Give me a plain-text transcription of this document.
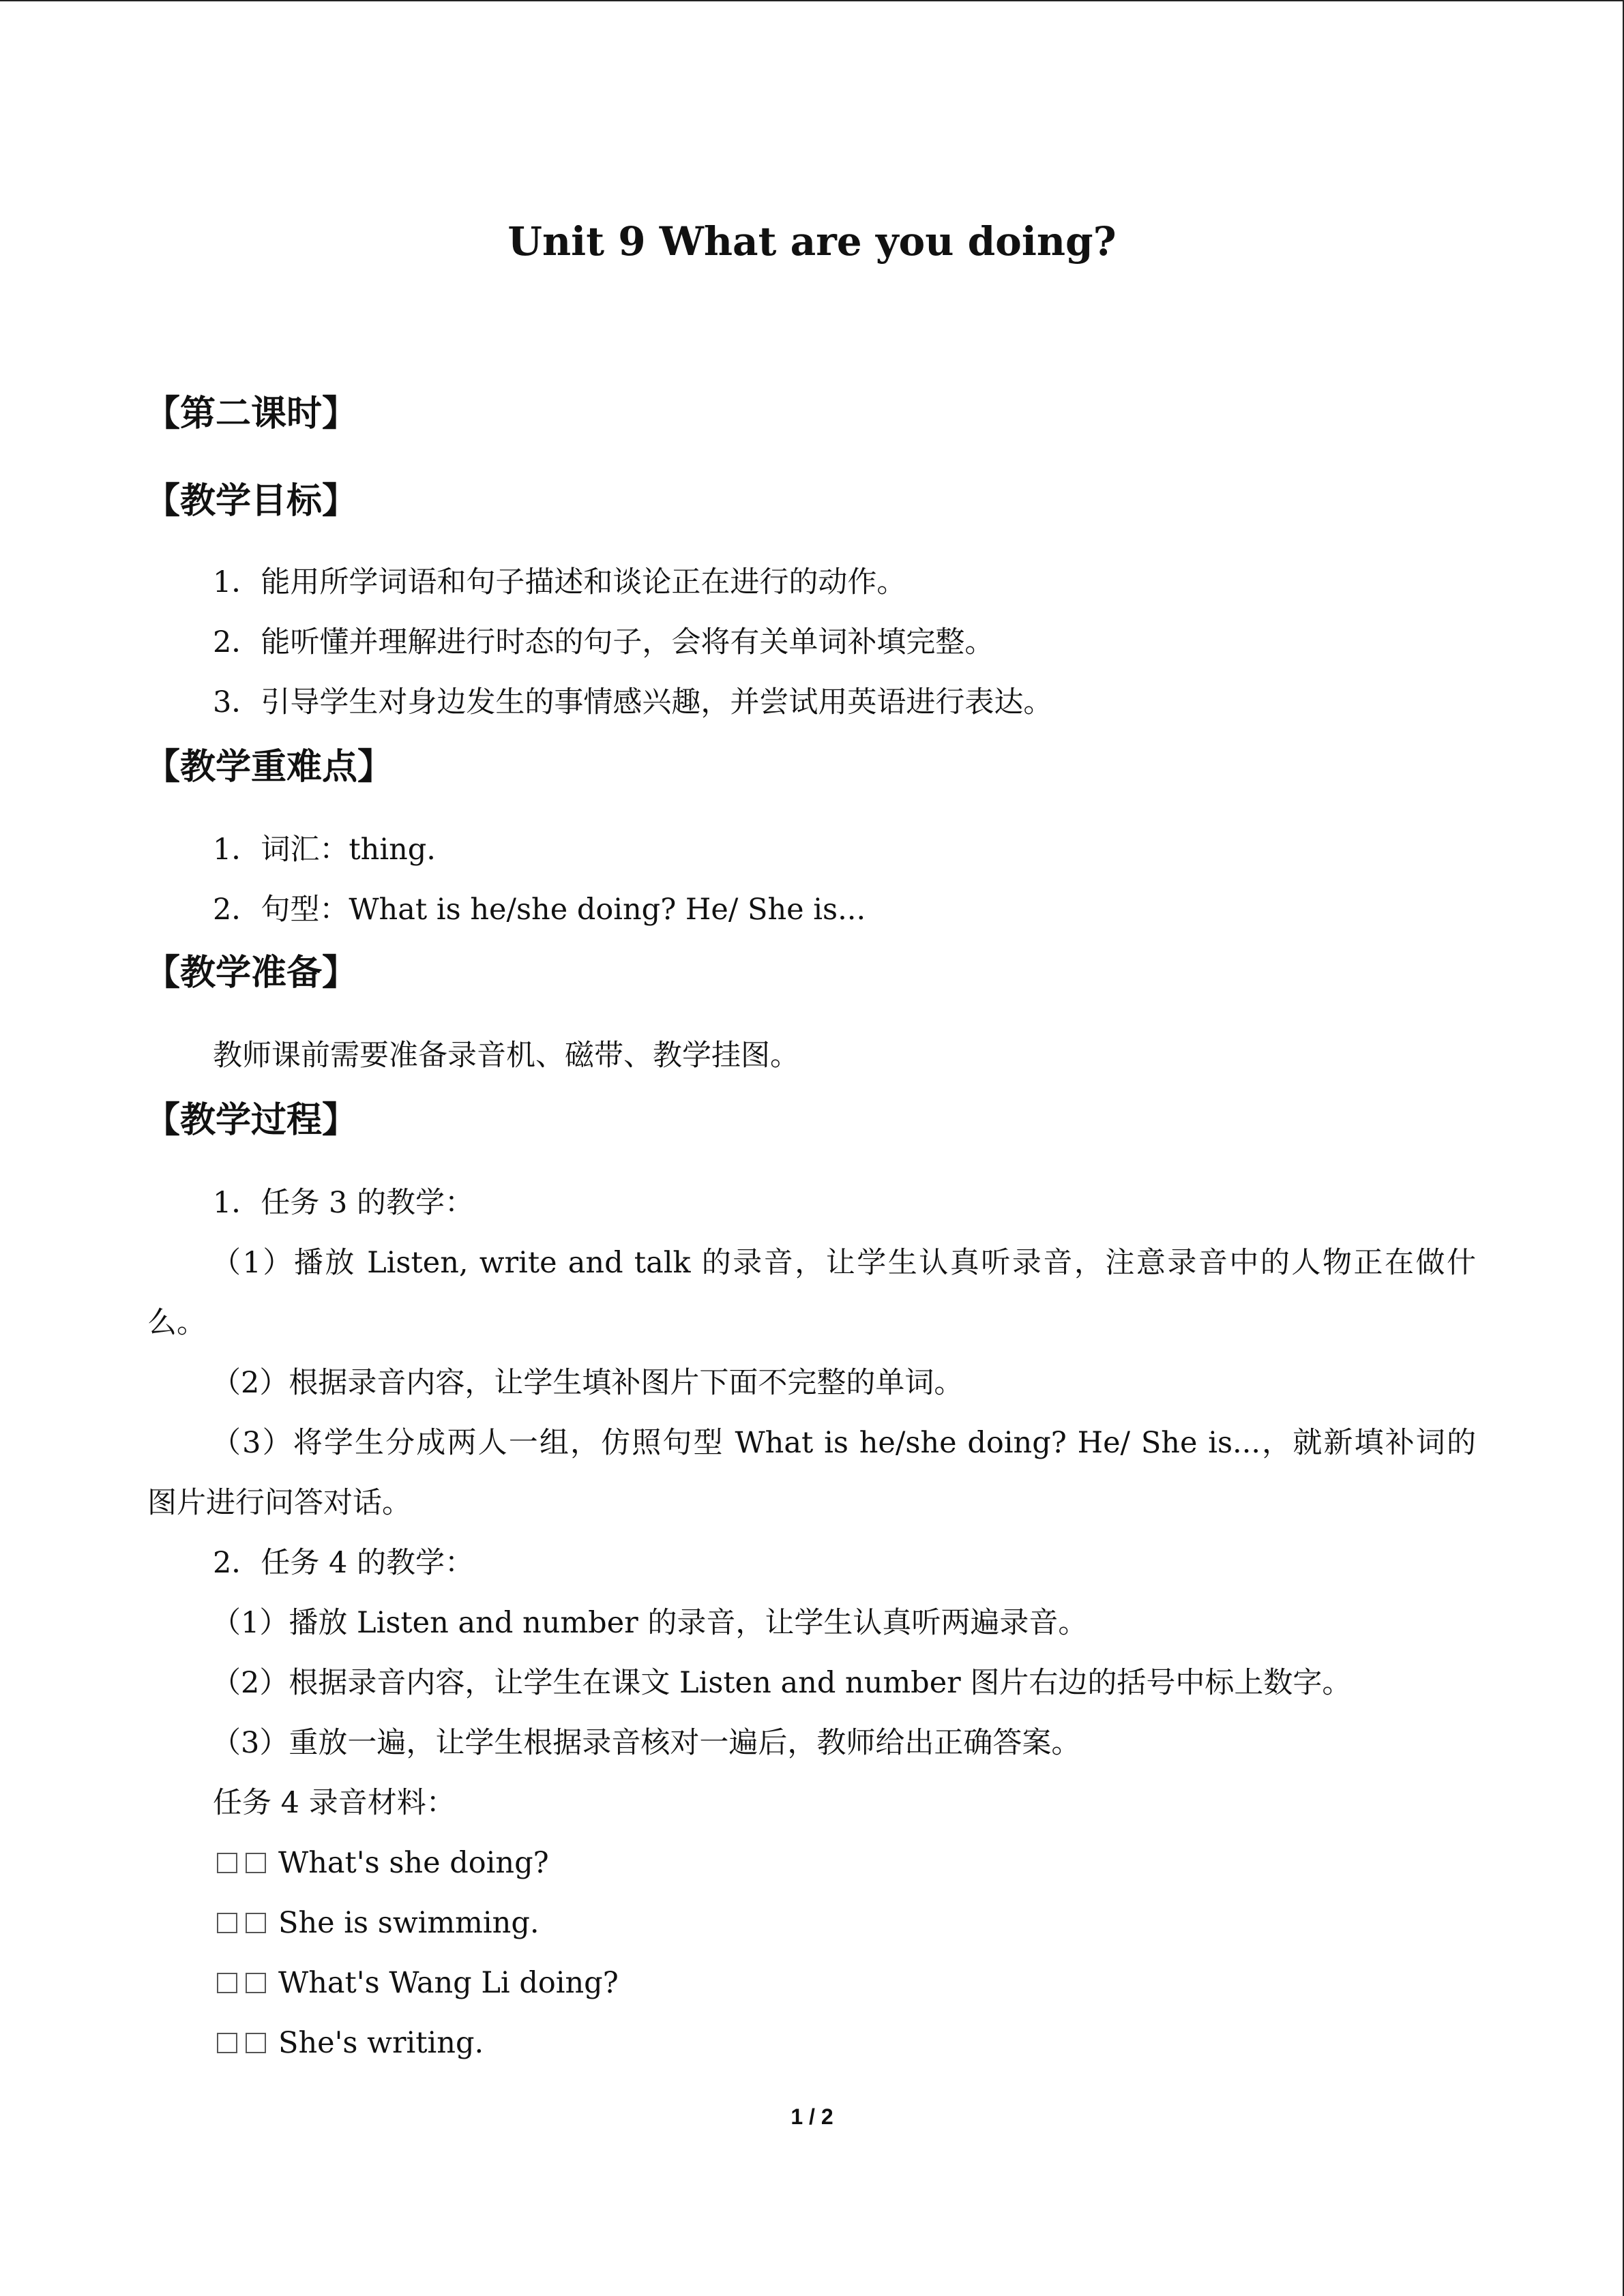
Unit 9 What are you doing?
【第二课时】
【教学目标】
1．能用所学词语和句子描述和谈论正在进行的动作。
2．能听懂并理解进行时态的句子，会将有关单词补填完整。
3．引导学生对身边发生的事情感兴趣，并尝试用英语进行表达。
【教学重难点】
1．词汇：thing.
2．句型：What is he/she doing? He/ She is...
【教学准备】
教师课前需要准备录音机、磁带、教学挂图。
【教学过程】
1．任务 3 的教学：
（1）播放 Listen, write and talk 的录音，让学生认真听录音，注意录音中的人物正在做什
么。
（2）根据录音内容，让学生填补图片下面不完整的单词。
（3）将学生分成两人一组，仿照句型 What is he/she doing? He/ She is...，就新填补词的
图片进行问答对话。
2．任务 4 的教学：
（1）播放 Listen and number 的录音，让学生认真听两遍录音。
（2）根据录音内容，让学生在课文 Listen and number 图片右边的括号中标上数字。
（3）重放一遍，让学生根据录音核对一遍后，教师给出正确答案。
任务 4 录音材料：
What's she doing?
She is swimming.
What's Wang Li doing?
She's writing.
1 / 2
